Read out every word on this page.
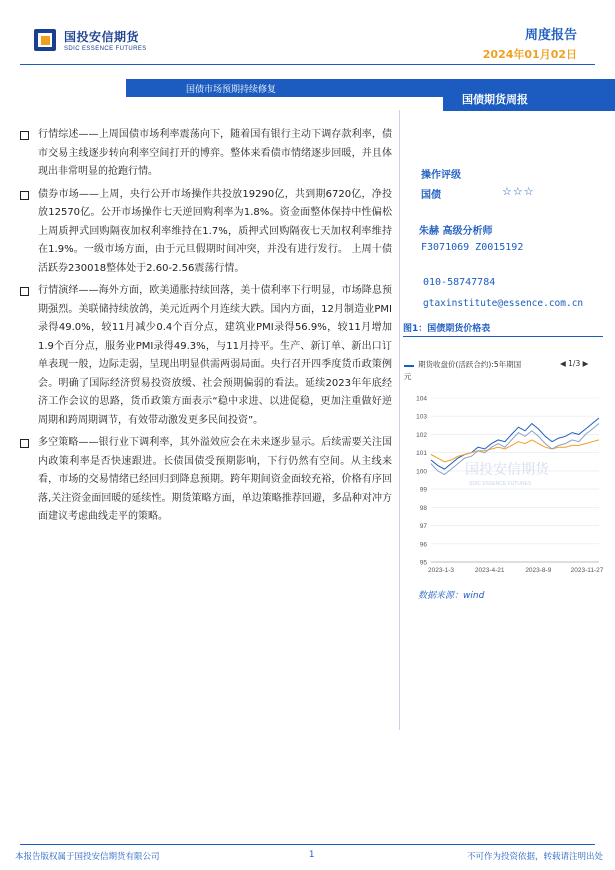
国投安信期货
SDIC ESSENCE FUTURES
周度报告
2024年01月02日
国债市场预期持续修复
国债期货周报
行情综述——上周国债市场利率震荡向下，随着国有银行主动下调存款利率，债市交易主线逐步转向利率空间打开的博弈。整体来看债市情绪逐步回暖，并且体现出非常明显的抢跑行情。
债券市场——上周，央行公开市场操作共投放19290亿，共到期6720亿，净投放12570亿。公开市场操作七天逆回购利率为1.8%。资金面整体保持中性偏松上周质押式回购隔夜加权利率维持在1.7%，质押式回购隔夜七天加权利率维持在1.9%。一级市场方面，由于元旦假期时间冲突，并没有进行发行。 上周十债活跃券230018整体处于2.60-2.56震荡行情。
行情演绎——海外方面，欧美通胀持续回落，美十债利率下行明显，市场降息预期强烈。美联储持续放鸽，美元近两个月连续大跌。国内方面，12月制造业PMI录得49.0%，较11月减少0.4个百分点，建筑业PMI录得56.9%，较11月增加1.9个百分点，服务业PMI录得49.3%，与11月持平。生产、新订单、新出口订单表现一般，边际走弱，呈现出明显供需两弱局面。央行召开四季度货币政策例会。明确了国际经济贸易投资放缓、社会预期偏弱的看法。延续2023年年底经济工作会议的思路，货币政策方面表示“稳中求进、以进促稳，更加注重做好逆周期和跨周期调节，有效带动激发更多民间投资”。
多空策略——银行业下调利率，其外溢效应会在未来逐步显示。后续需要关注国内政策利率是否快速跟进。长债国债受预期影响，下行仍然有空间。从主线来看，市场的交易情绪已经回归到降息预期。跨年期间资金面较充裕，价格有序回落,关注资金面回暖的延续性。期货策略方面，单边策略推荐回避，多品种对冲方面建议考虑曲线走平的策略。
操作评级
国债	☆☆☆
朱赫 高级分析师
F3071069 Z0015192
010-58747784
gtaxinstitute@essence.com.cn
图1：国债期货价格表
期货收盘价(活跃合约):5年期国	◀ 1/3 ▶
元
95
96
97
98
99
100
101
102
103
104
2023-1-3	2023-4-21	2023-8-9	2023-11-27
国投安信期货
SDIC ESSENCE FUTURES
数据来源：wind
本报告版权属于国投安信期货有限公司	1	不可作为投资依据，转载请注明出处
